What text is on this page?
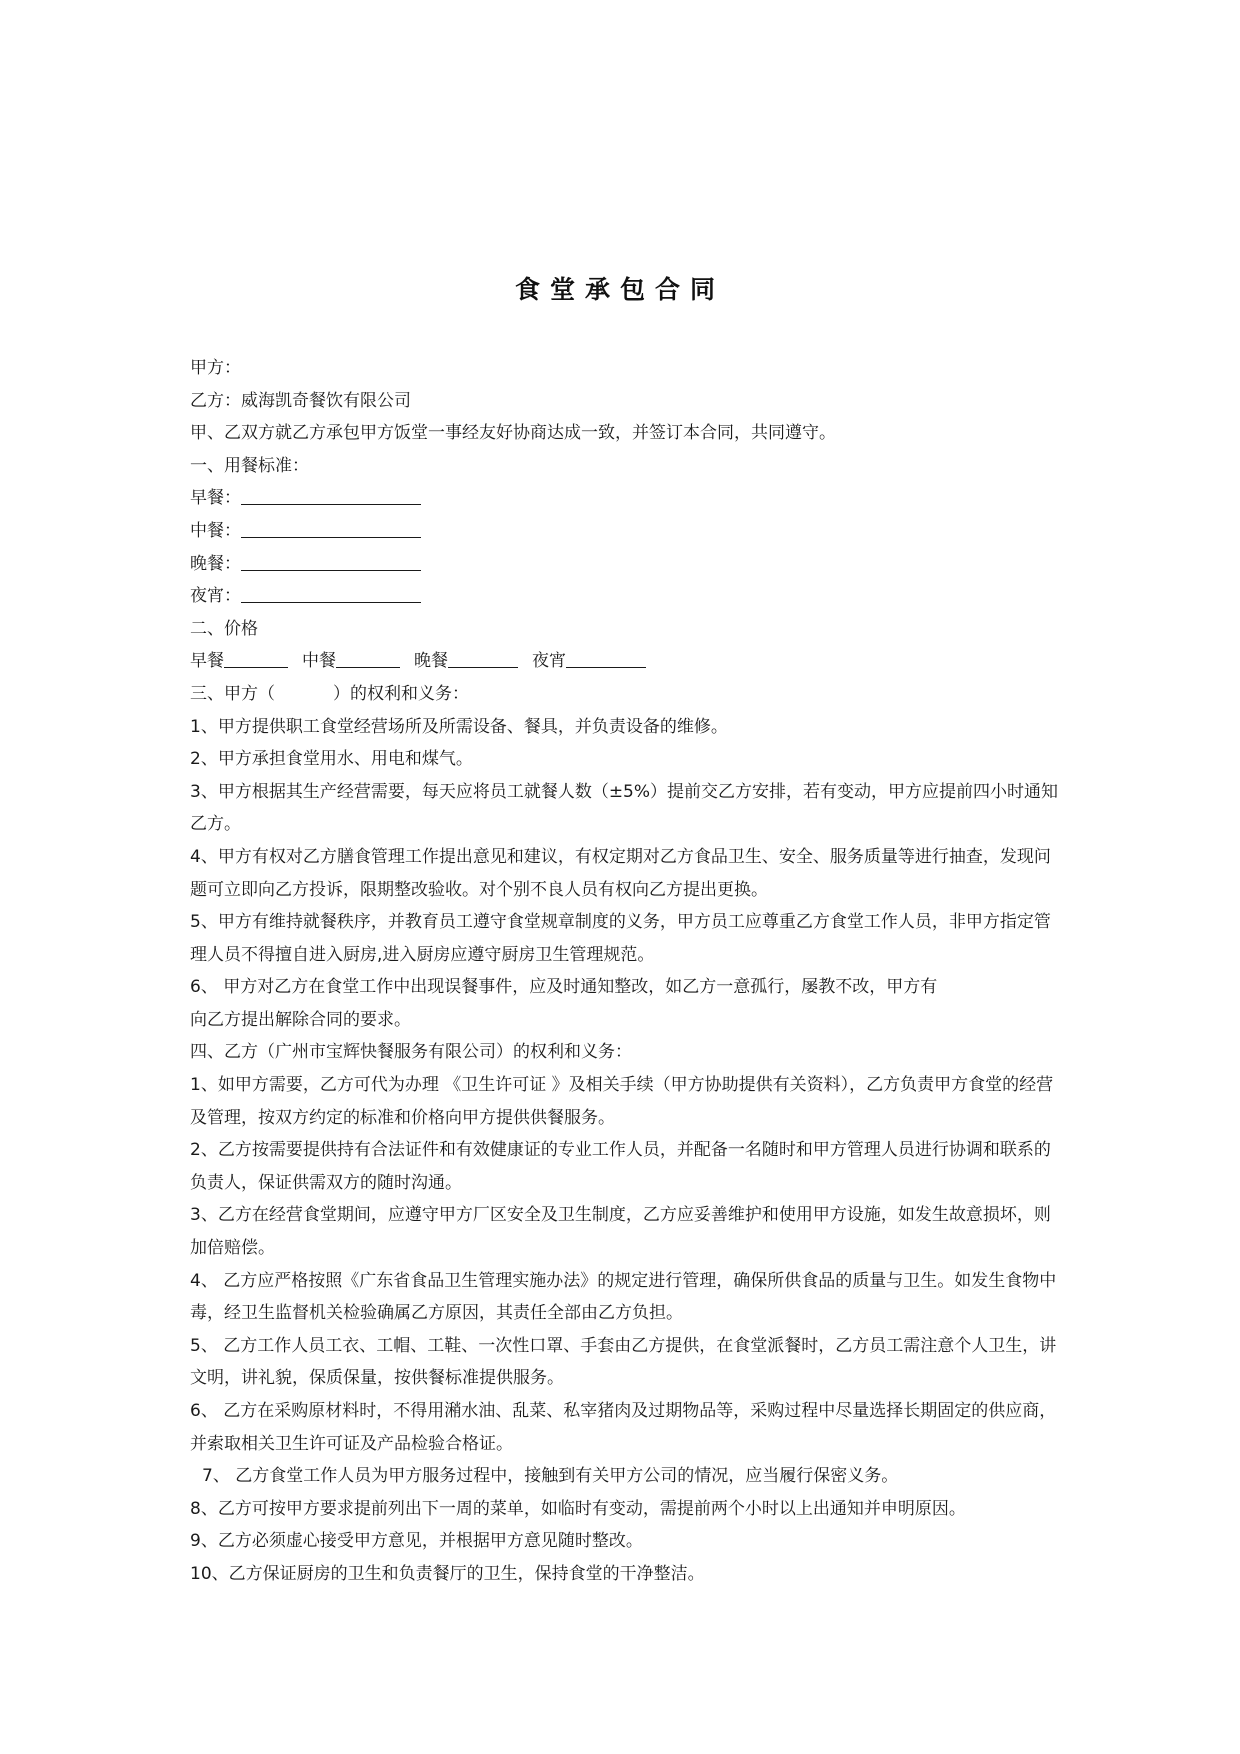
食堂承包合同
甲方：
乙方：威海凯奇餐饮有限公司
甲、乙双方就乙方承包甲方饭堂一事经友好协商达成一致，并签订本合同，共同遵守。
一、用餐标准：
早餐：
中餐：
晚餐：
夜宵：
二、价格
早餐	中餐	晚餐	夜宵
三、甲方（	）的权利和义务：
1、甲方提供职工食堂经营场所及所需设备、餐具，并负责设备的维修。
2、甲方承担食堂用水、用电和煤气。
3、甲方根据其生产经营需要，每天应将员工就餐人数（±5%）提前交乙方安排，若有变动，甲方应提前四小时通知乙方。
4、甲方有权对乙方膳食管理工作提出意见和建议，有权定期对乙方食品卫生、安全、服务质量等进行抽查，发现问题可立即向乙方投诉，限期整改验收。对个别不良人员有权向乙方提出更换。
5、甲方有维持就餐秩序，并教育员工遵守食堂规章制度的义务，甲方员工应尊重乙方食堂工作人员，非甲方指定管理人员不得擅自进入厨房,进入厨房应遵守厨房卫生管理规范。
6、 甲方对乙方在食堂工作中出现误餐事件，应及时通知整改，如乙方一意孤行，屡教不改，甲方有
向乙方提出解除合同的要求。
四、乙方（广州市宝辉快餐服务有限公司）的权利和义务：
1、如甲方需要，乙方可代为办理 《卫生许可证 》及相关手续（甲方协助提供有关资料），乙方负责甲方食堂的经营及管理，按双方约定的标准和价格向甲方提供供餐服务。
2、乙方按需要提供持有合法证件和有效健康证的专业工作人员，并配备一名随时和甲方管理人员进行协调和联系的负责人，保证供需双方的随时沟通。
3、乙方在经营食堂期间，应遵守甲方厂区安全及卫生制度，乙方应妥善维护和使用甲方设施，如发生故意损坏，则加倍赔偿。
4、 乙方应严格按照《广东省食品卫生管理实施办法》的规定进行管理，确保所供食品的质量与卫生。如发生食物中毒，经卫生监督机关检验确属乙方原因，其责任全部由乙方负担。
5、 乙方工作人员工衣、工帽、工鞋、一次性口罩、手套由乙方提供，在食堂派餐时，乙方员工需注意个人卫生，讲文明，讲礼貌，保质保量，按供餐标准提供服务。
6、 乙方在采购原材料时，不得用潲水油、乱菜、私宰猪肉及过期物品等，采购过程中尽量选择长期固定的供应商，并索取相关卫生许可证及产品检验合格证。
7、 乙方食堂工作人员为甲方服务过程中，接触到有关甲方公司的情况，应当履行保密义务。
8、乙方可按甲方要求提前列出下一周的菜单，如临时有变动，需提前两个小时以上出通知并申明原因。
9、乙方必须虚心接受甲方意见，并根据甲方意见随时整改。
10、乙方保证厨房的卫生和负责餐厅的卫生，保持食堂的干净整洁。
